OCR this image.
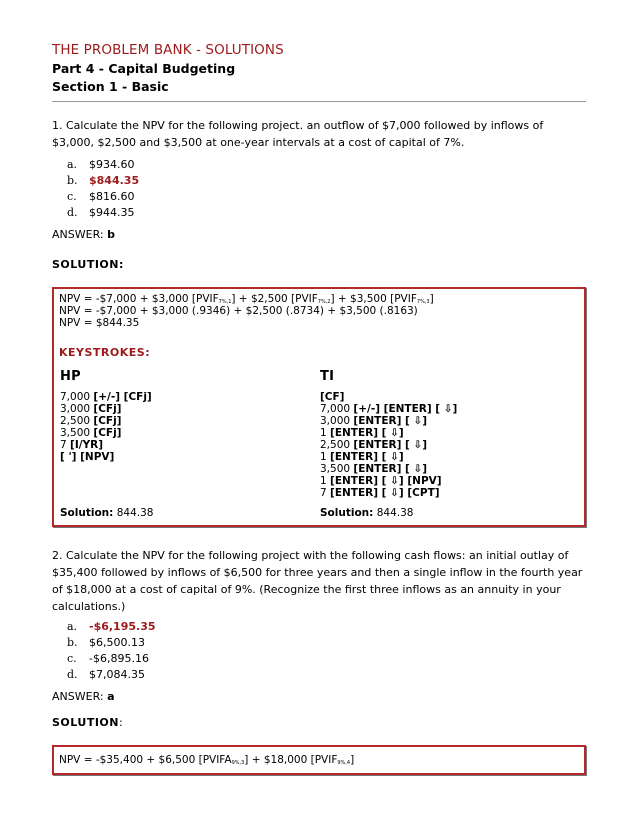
THE PROBLEM BANK - SOLUTIONS
Part 4 - Capital Budgeting
Section 1 - Basic
1. Calculate the NPV for the following project. an outflow of $7,000 followed by inflows of $3,000, $2,500 and $3,500 at one-year intervals at a cost of capital of 7%.
a. $934.60
b. $844.35
c. $816.60
d. $944.35
ANSWER: b
SOLUTION:
NPV = -$7,000 + $3,000 $[PVIF_{7\%,1}]$ + $2,500 $[PVIF_{7\%,2}]$ + $3,500 $[PVIF_{7\%,3}]$
NPV = -$7,000 + $3,000 (.9346) + $2,500 (.8734) + $3,500 (.8163)
NPV = $844.35
KEYSTROKES:
HP
7,000 [+/-] [CFj]
3,000 [CFj]
2,500 [CFj]
3,500 [CFj]
7 [I/YR]
[ '] [NPV]
Solution: 844.38
TI
[CF]
7,000 [+/-] [ENTER] [ ⇩]
3,000 [ENTER] [ ⇩]
1 [ENTER] [ ⇩]
2,500 [ENTER] [ ⇩]
1 [ENTER] [ ⇩]
3,500 [ENTER] [ ⇩]
1 [ENTER] [ ⇩] [NPV]
7 [ENTER] [ ⇩] [CPT]
Solution: 844.38
2. Calculate the NPV for the following project with the following cash flows: an initial outlay of $35,400 followed by inflows of $6,500 for three years and then a single inflow in the fourth year of $18,000 at a cost of capital of 9%. (Recognize the first three inflows as an annuity in your calculations.)
a. -$6,195.35
b. $6,500.13
c. -$6,895.16
d. $7,084.35
ANSWER: a
SOLUTION:
NPV = -$35,400 + $6,500 $[PVIFA_{9\%,3}]$ + $18,000 $[PVIF_{9\%,4}]$
